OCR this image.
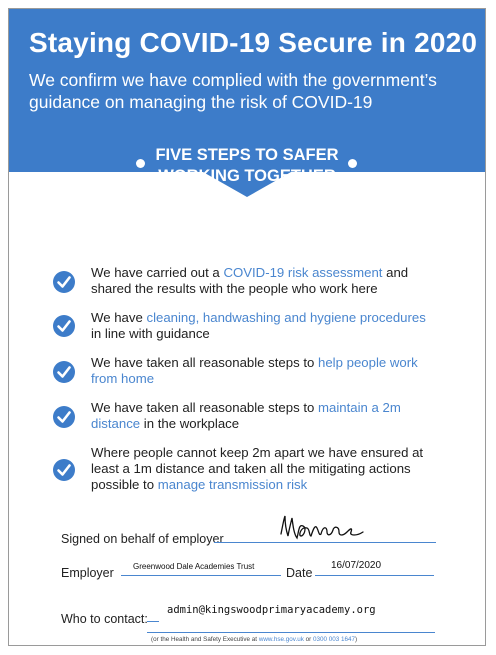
Staying COVID-19 Secure in 2020
We confirm we have complied with the government’s guidance on managing the risk of COVID-19
FIVE STEPS TO SAFER
WORKING TOGETHER
We have carried out a COVID-19 risk assessment and shared the results with the people who work here
We have cleaning, handwashing and hygiene procedures in line with guidance
We have taken all reasonable steps to help people work from home
We have taken all reasonable steps to maintain a 2m distance in the workplace
Where people cannot keep 2m apart we have ensured at least a 1m distance and taken all the mitigating actions possible to manage transmission risk
Signed on behalf of employer
Employer Greenwood Dale Academies Trust	Date
16/07/2020
Who to contact:
admin@kingswoodprimaryacademy.org
(or the Health and Safety Executive at www.hse.gov.uk or 0300 003 1647)
